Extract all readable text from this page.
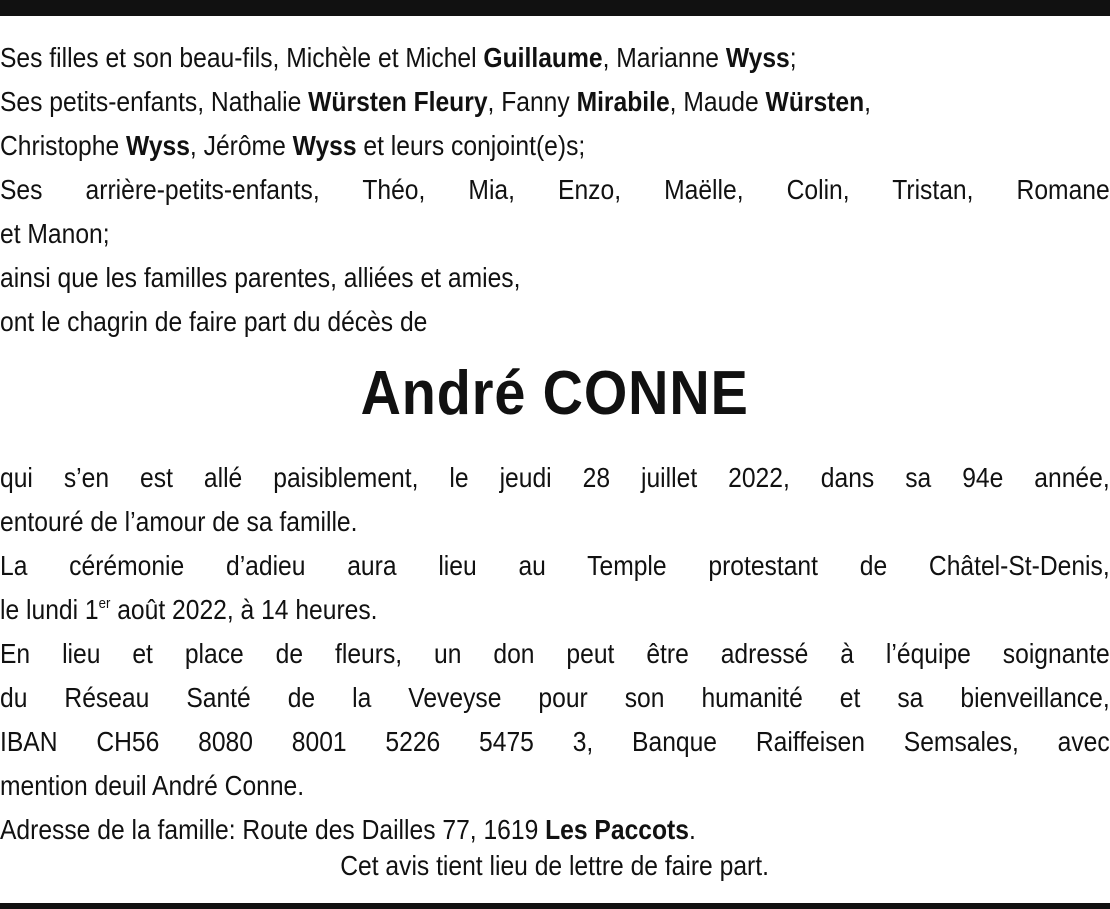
Ses filles et son beau-fils, Michèle et Michel Guillaume, Marianne Wyss;
Ses petits-enfants, Nathalie Würsten Fleury, Fanny Mirabile, Maude Würsten,
Christophe Wyss, Jérôme Wyss et leurs conjoint(e)s;
Ses arrière-petits-enfants, Théo, Mia, Enzo, Maëlle, Colin, Tristan, Romane
et Manon;
ainsi que les familles parentes, alliées et amies,
ont le chagrin de faire part du décès de
André CONNE
qui s’en est allé paisiblement, le jeudi 28 juillet 2022, dans sa 94e année,
entouré de l’amour de sa famille.
La cérémonie d’adieu aura lieu au Temple protestant de Châtel-St-Denis,
le lundi 1er août 2022, à 14 heures.
En lieu et place de fleurs, un don peut être adressé à l’équipe soignante
du Réseau Santé de la Veveyse pour son humanité et sa bienveillance,
IBAN CH56 8080 8001 5226 5475 3, Banque Raiffeisen Semsales, avec
mention deuil André Conne.
Adresse de la famille: Route des Dailles 77, 1619 Les Paccots.
Cet avis tient lieu de lettre de faire part.
